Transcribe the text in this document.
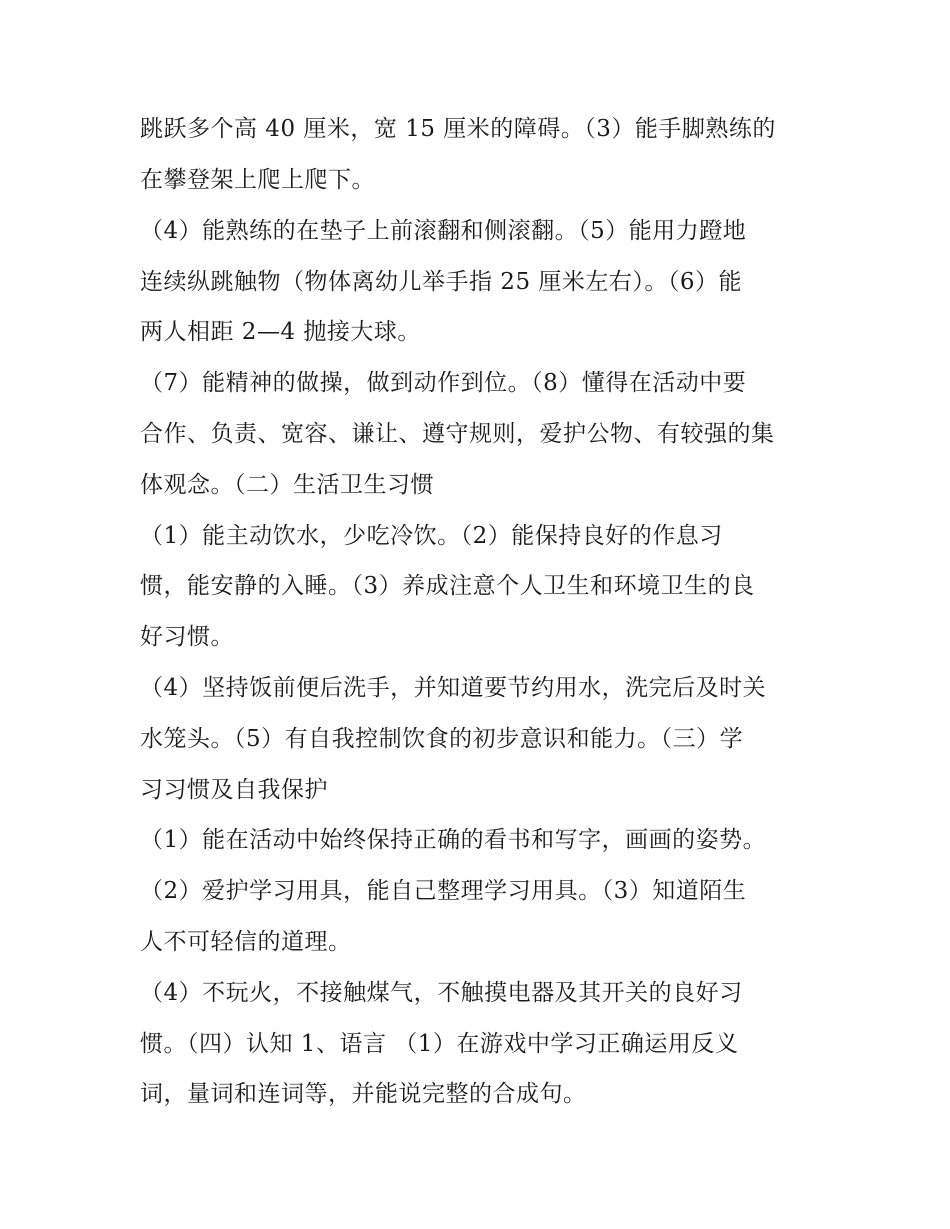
跳跃多个高 40 厘米，宽 15 厘米的障碍。（3）能手脚熟练的

在攀登架上爬上爬下。

（4）能熟练的在垫子上前滚翻和侧滚翻。（5）能用力蹬地

连续纵跳触物（物体离幼儿举手指 25 厘米左右）。（6）能

两人相距 2—4 抛接大球。

（7）能精神的做操，做到动作到位。（8）懂得在活动中要

合作、负责、宽容、谦让、遵守规则，爱护公物、有较强的集

体观念。（二）生活卫生习惯

（1）能主动饮水，少吃冷饮。（2）能保持良好的作息习

惯，能安静的入睡。（3）养成注意个人卫生和环境卫生的良

好习惯。

（4）坚持饭前便后洗手，并知道要节约用水，洗完后及时关

水笼头。（5）有自我控制饮食的初步意识和能力。（三）学

习习惯及自我保护

（1）能在活动中始终保持正确的看书和写字，画画的姿势。

（2）爱护学习用具，能自己整理学习用具。（3）知道陌生

人不可轻信的道理。

（4）不玩火，不接触煤气，不触摸电器及其开关的良好习

惯。（四）认知 1、语言 （1）在游戏中学习正确运用反义

词，量词和连词等，并能说完整的合成句。
